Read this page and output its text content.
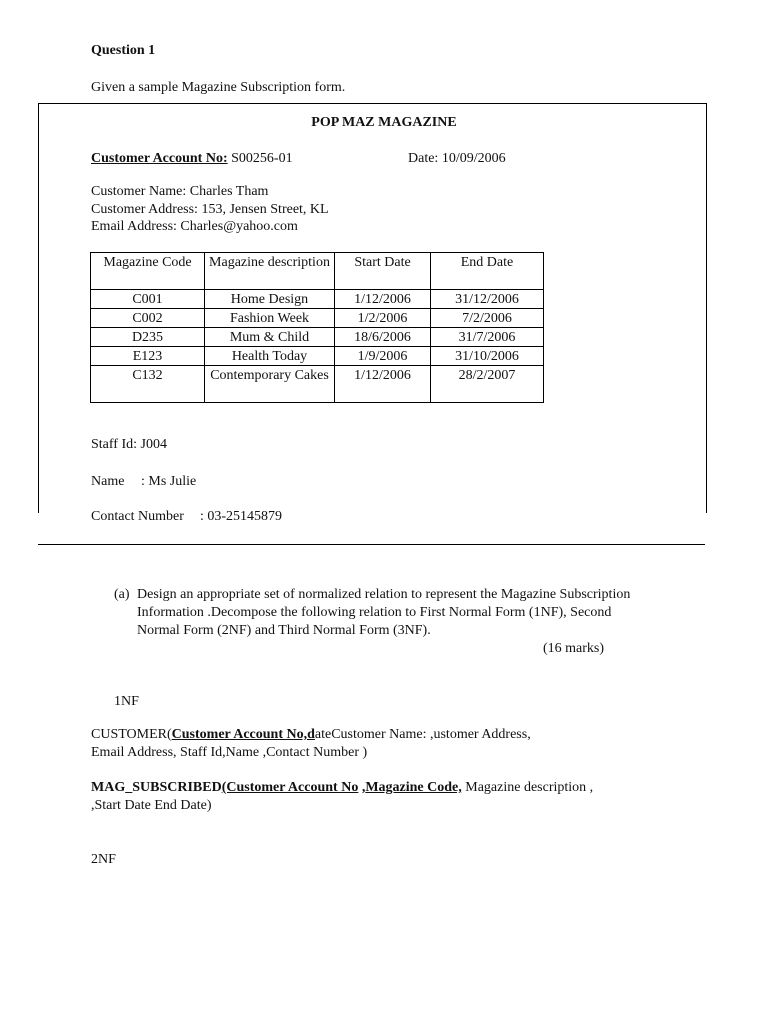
Question 1
Given a sample Magazine Subscription form.
POP MAZ MAGAZINE
Customer Account No: S00256-01	Date: 10/09/2006
Customer Name: Charles Tham
Customer Address: 153, Jensen Street, KL
Email Address: Charles@yahoo.com
Magazine Code	Magazine description	Start Date	End Date
C001	Home Design	1/12/2006	31/12/2006
C002	Fashion Week	1/2/2006	7/2/2006
D235	Mum & Child	18/6/2006	31/7/2006
E123	Health Today	1/9/2006	31/10/2006
C132	Contemporary Cakes	1/12/2006	28/2/2007
Staff Id: J004
Name : Ms Julie
Contact Number : 03-25145879
(a) Design an appropriate set of normalized relation to represent the Magazine Subscription
Information .Decompose the following relation to First Normal Form (1NF), Second
Normal Form (2NF) and Third Normal Form (3NF).
(16 marks)
1NF
CUSTOMER(Customer Account No,dateCustomer Name: ,ustomer Address,
Email Address, Staff Id,Name ,Contact Number )
MAG_SUBSCRIBED(Customer Account No ,Magazine Code, Magazine description ,
,Start Date End Date)
2NF
